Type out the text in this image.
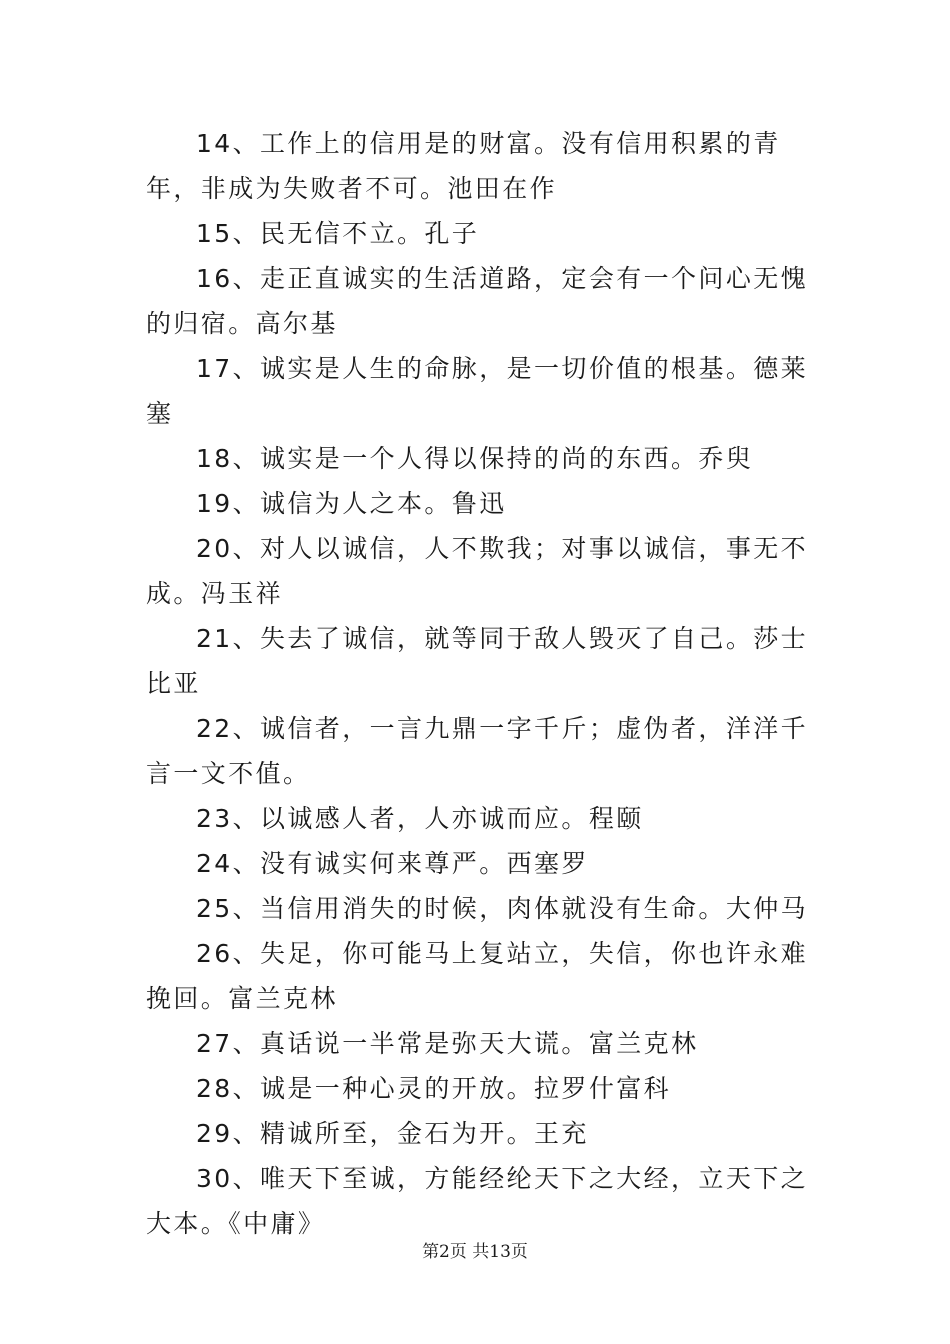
14、工作上的信用是的财富。没有信用积累的青年，非成为失败者不可。池田在作

15、民无信不立。孔子

16、走正直诚实的生活道路，定会有一个问心无愧的归宿。高尔基

17、诚实是人生的命脉，是一切价值的根基。德莱塞

18、诚实是一个人得以保持的尚的东西。乔臾

19、诚信为人之本。鲁迅

20、对人以诚信，人不欺我；对事以诚信，事无不成。冯玉祥

21、失去了诚信，就等同于敌人毁灭了自己。莎士比亚

22、诚信者，一言九鼎一字千斤；虚伪者，洋洋千言一文不值。

23、以诚感人者，人亦诚而应。程颐

24、没有诚实何来尊严。西塞罗

25、当信用消失的时候，肉体就没有生命。大仲马

26、失足，你可能马上复站立，失信，你也许永难挽回。富兰克林

27、真话说一半常是弥天大谎。富兰克林

28、诚是一种心灵的开放。拉罗什富科

29、精诚所至，金石为开。王充

30、唯天下至诚，方能经纶天下之大经，立天下之大本。《中庸》

第2页 共13页
